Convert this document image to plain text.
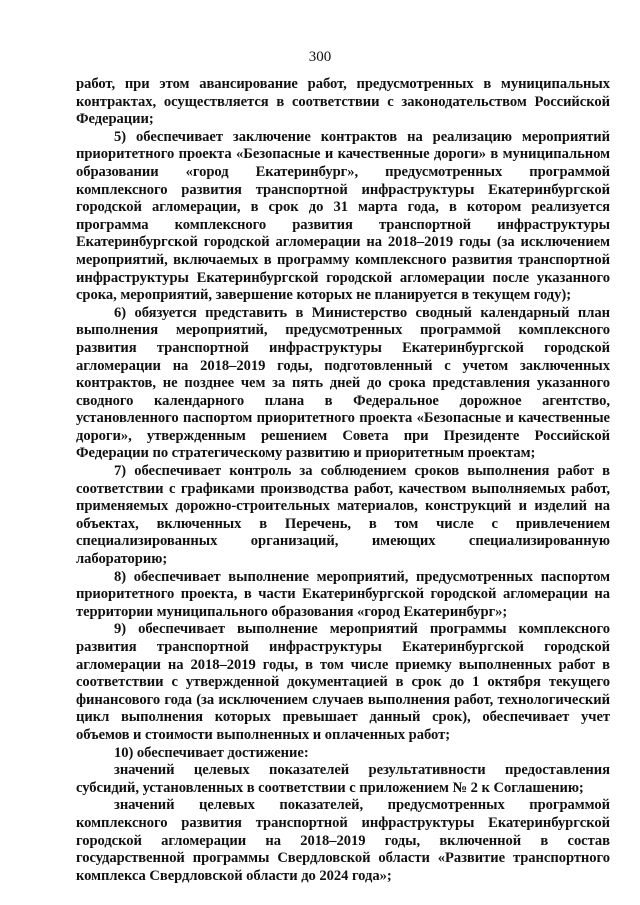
300

работ, при этом авансирование работ, предусмотренных в муниципальных контрактах, осуществляется в соответствии с законодательством Российской Федерации;

5) обеспечивает заключение контрактов на реализацию мероприятий приоритетного проекта «Безопасные и качественные дороги» в муниципальном образовании «город Екатеринбург», предусмотренных программой комплексного развития транспортной инфраструктуры Екатеринбургской городской агломерации, в срок до 31 марта года, в котором реализуется программа комплексного развития транспортной инфраструктуры Екатеринбургской городской агломерации на 2018–2019 годы (за исключением мероприятий, включаемых в программу комплексного развития транспортной инфраструктуры Екатеринбургской городской агломерации после указанного срока, мероприятий, завершение которых не планируется в текущем году);

6) обязуется представить в Министерство сводный календарный план выполнения мероприятий, предусмотренных программой комплексного развития транспортной инфраструктуры Екатеринбургской городской агломерации на 2018–2019 годы, подготовленный с учетом заключенных контрактов, не позднее чем за пять дней до срока представления указанного сводного календарного плана в Федеральное дорожное агентство, установленного паспортом приоритетного проекта «Безопасные и качественные дороги», утвержденным решением Совета при Президенте Российской Федерации по стратегическому развитию и приоритетным проектам;

7) обеспечивает контроль за соблюдением сроков выполнения работ в соответствии с графиками производства работ, качеством выполняемых работ, применяемых дорожно-строительных материалов, конструкций и изделий на объектах, включенных в Перечень, в том числе с привлечением специализированных организаций, имеющих специализированную лабораторию;

8) обеспечивает выполнение мероприятий, предусмотренных паспортом приоритетного проекта, в части Екатеринбургской городской агломерации на территории муниципального образования «город Екатеринбург»;

9) обеспечивает выполнение мероприятий программы комплексного развития транспортной инфраструктуры Екатеринбургской городской агломерации на 2018–2019 годы, в том числе приемку выполненных работ в соответствии с утвержденной документацией в срок до 1 октября текущего финансового года (за исключением случаев выполнения работ, технологический цикл выполнения которых превышает данный срок), обеспечивает учет объемов и стоимости выполненных и оплаченных работ;

10) обеспечивает достижение:

значений целевых показателей результативности предоставления субсидий, установленных в соответствии с приложением № 2 к Соглашению;

значений целевых показателей, предусмотренных программой комплексного развития транспортной инфраструктуры Екатеринбургской городской агломерации на 2018–2019 годы, включенной в состав государственной программы Свердловской области «Развитие транспортного комплекса Свердловской области до 2024 года»;
